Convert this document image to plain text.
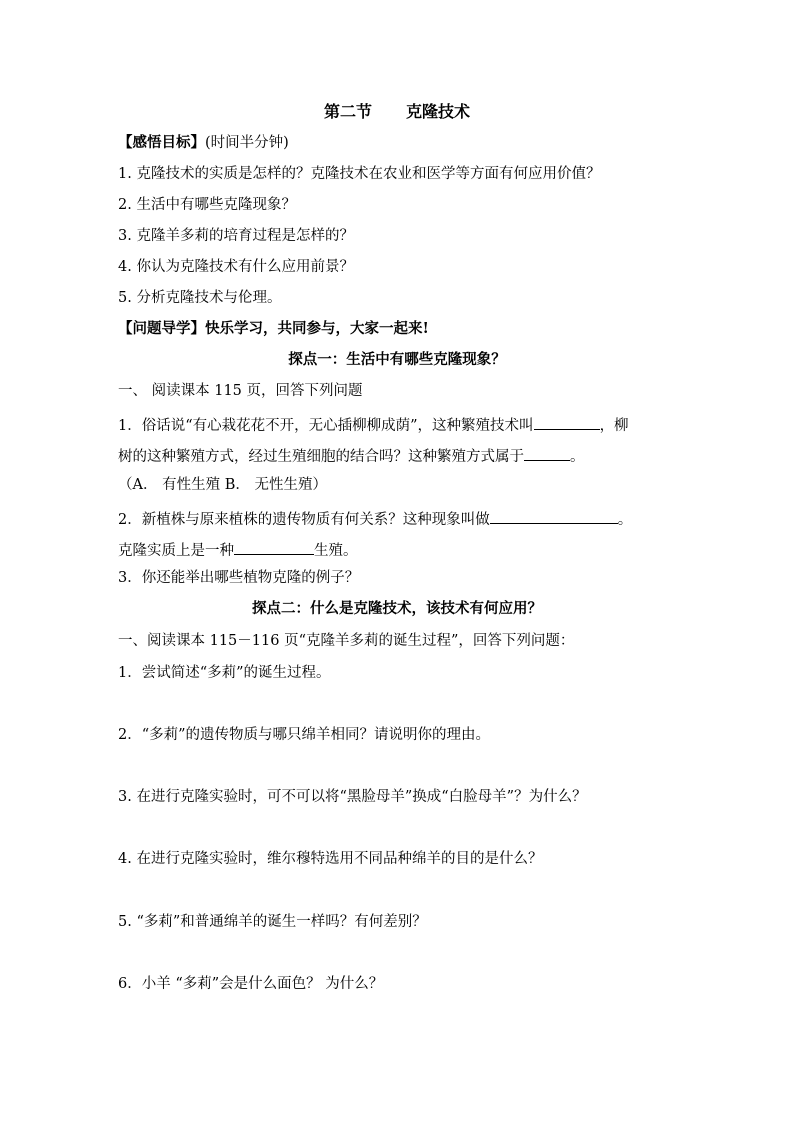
第二节 克隆技术
【感悟目标】(时间半分钟)
1. 克隆技术的实质是怎样的？克隆技术在农业和医学等方面有何应用价值？
2. 生活中有哪些克隆现象？
3. 克隆羊多莉的培育过程是怎样的？
4. 你认为克隆技术有什么应用前景？
5. 分析克隆技术与伦理。
【问题导学】快乐学习，共同参与，大家一起来!
探点一：生活中有哪些克隆现象？
一、 阅读课本 115 页，回答下列问题
1．俗话说“有心栽花花不开，无心插柳柳成荫”，这种繁殖技术叫	，柳
树的这种繁殖方式，经过生殖细胞的结合吗？这种繁殖方式属于	。
（A． 有性生殖 B． 无性生殖）
2．新植株与原来植株的遗传物质有何关系？这种现象叫做	。
克隆实质上是一种	生殖。
3．你还能举出哪些植物克隆的例子？
探点二：什么是克隆技术，该技术有何应用？
一、阅读课本 115－116 页“克隆羊多莉的诞生过程”，回答下列问题：
1．尝试简述“多莉”的诞生过程。
2．“多莉”的遗传物质与哪只绵羊相同？请说明你的理由。
3. 在进行克隆实验时，可不可以将“黑脸母羊”换成“白脸母羊”？为什么？
4. 在进行克隆实验时，维尔穆特选用不同品种绵羊的目的是什么？
5. “多莉”和普通绵羊的诞生一样吗？有何差别？
6．小羊 “多莉”会是什么面色？ 为什么？
